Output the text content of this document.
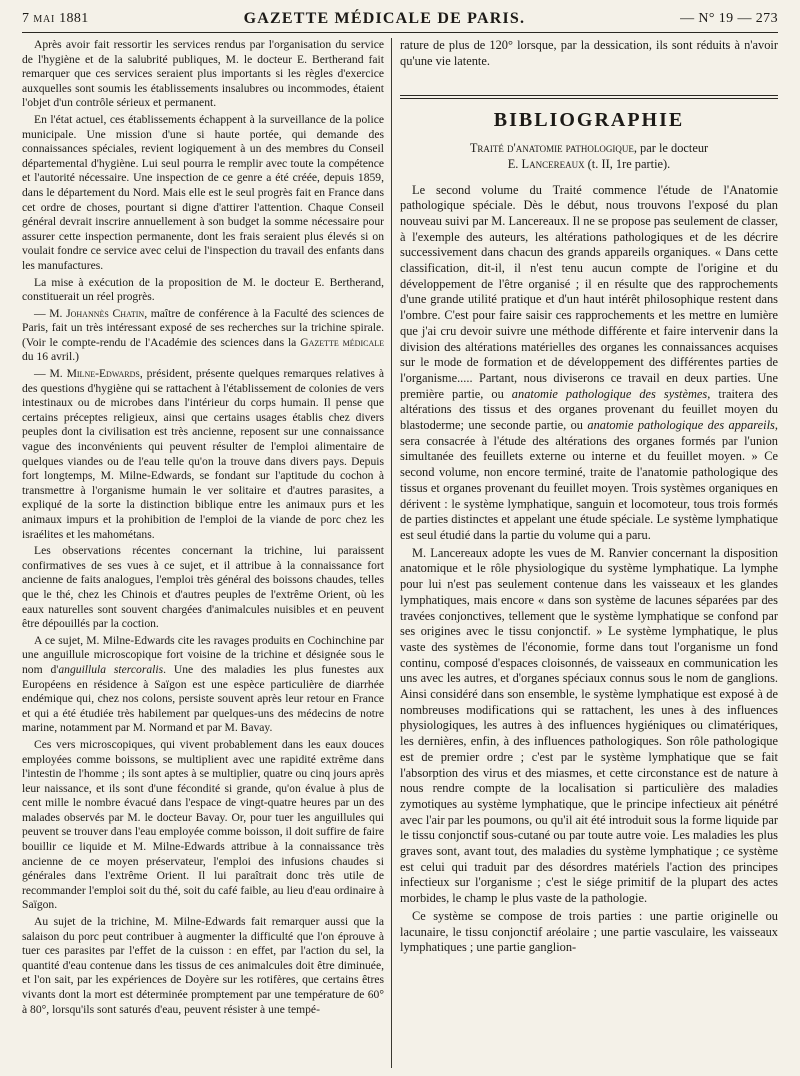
7 MAI 1881	GAZETTE MÉDICALE DE PARIS.	— N° 19 — 273

Après avoir fait ressortir les services rendus par l'organisation du service de l'hygiène et de la salubrité publiques, M. le docteur E. Bertherand fait remarquer que ces services seraient plus importants si les règles d'exercice auxquelles sont soumis les établissements insalubres ou incommodes, étaient l'objet d'un contrôle sérieux et permanent.

En l'état actuel, ces établissements échappent à la surveillance de la police municipale. Une mission d'une si haute portée, qui demande des connaissances spéciales, revient logiquement à un des membres du Conseil départemental d'hygiène. Lui seul pourra le remplir avec toute la compétence et l'autorité nécessaire. Une inspection de ce genre a été créée, depuis 1859, dans le département du Nord. Mais elle est le seul progrès fait en France dans cet ordre de choses, pourtant si digne d'attirer l'attention. Chaque Conseil général devrait inscrire annuellement à son budget la somme nécessaire pour assurer cette inspection permanente, dont les frais seraient plus élevés si on voulait fondre ce service avec celui de l'inspection du travail des enfants dans les manufactures.

La mise à exécution de la proposition de M. le docteur E. Bertherand, constituerait un réel progrès.

— M. Johannès Chatin, maître de conférence à la Faculté des sciences de Paris, fait un très intéressant exposé de ses recherches sur la trichine spirale. (Voir le compte-rendu de l'Académie des sciences dans la Gazette médicale du 16 avril.)

— M. Milne-Edwards, président, présente quelques remarques relatives à des questions d'hygiène qui se rattachent à l'établissement de colonies de vers intestinaux ou de microbes dans l'intérieur du corps humain. Il pense que certains préceptes religieux, ainsi que certains usages établis chez divers peuples dont la civilisation est très ancienne, reposent sur une connaissance vague des inconvénients qui peuvent résulter de l'emploi alimentaire de quelques viandes ou de l'eau telle qu'on la trouve dans divers pays. Depuis fort longtemps, M. Milne-Edwards, se fondant sur l'aptitude du cochon à transmettre à l'organisme humain le ver solitaire et d'autres parasites, a expliqué de la sorte la distinction biblique entre les animaux purs et les animaux impurs et la prohibition de l'emploi de la viande de porc chez les israélites et les mahométans.

Les observations récentes concernant la trichine, lui paraissent confirmatives de ses vues à ce sujet, et il attribue à la connaissance fort ancienne de faits analogues, l'emploi très général des boissons chaudes, telles que le thé, chez les Chinois et d'autres peuples de l'extrême Orient, où les eaux naturelles sont souvent chargées d'animalcules nuisibles et en peuvent être dépouillés par la coction.

A ce sujet, M. Milne-Edwards cite les ravages produits en Cochinchine par une anguillule microscopique fort voisine de la trichine et désignée sous le nom d'anguillula stercoralis. Une des maladies les plus funestes aux Européens en résidence à Saïgon est une espèce particulière de diarrhée endémique qui, chez nos colons, persiste souvent après leur retour en France et qui a été étudiée très habilement par quelques-uns des médecins de notre marine, notamment par M. Normand et par M. Bavay.

Ces vers microscopiques, qui vivent probablement dans les eaux douces employées comme boissons, se multiplient avec une rapidité extrême dans l'intestin de l'homme ; ils sont aptes à se multiplier, quatre ou cinq jours après leur naissance, et ils sont d'une fécondité si grande, qu'on évalue à plus de cent mille le nombre évacué dans l'espace de vingt-quatre heures par un des malades observés par M. le docteur Bavay. Or, pour tuer les anguillules qui peuvent se trouver dans l'eau employée comme boisson, il doit suffire de faire bouillir ce liquide et M. Milne-Edwards attribue à la connaissance très ancienne de ce moyen préservateur, l'emploi des infusions chaudes si générales dans l'extrême Orient. Il lui paraîtrait donc très utile de recommander l'emploi soit du thé, soit du café faible, au lieu d'eau ordinaire à Saïgon.

Au sujet de la trichine, M. Milne-Edwards fait remarquer aussi que la salaison du porc peut contribuer à augmenter la difficulté que l'on éprouve à tuer ces parasites par l'effet de la cuisson : en effet, par l'action du sel, la quantité d'eau contenue dans les tissus de ces animalcules doit être diminuée, et l'on sait, par les expériences de Doyère sur les rotifères, que certains êtres vivants dont la mort est déterminée promptement par une température de 60° à 80°, lorsqu'ils sont saturés d'eau, peuvent résister à une tempé-

rature de plus de 120° lorsque, par la dessication, ils sont réduits à n'avoir qu'une vie latente.

BIBLIOGRAPHIE

Traité d'anatomie pathologique, par le docteur
E. Lancereaux (t. II, 1re partie).

Le second volume du Traité commence l'étude de l'Anatomie pathologique spéciale. Dès le début, nous trouvons l'exposé du plan nouveau suivi par M. Lancereaux. Il ne se propose pas seulement de classer, à l'exemple des auteurs, les altérations pathologiques et de les décrire successivement dans chacun des grands appareils organiques. « Dans cette classification, dit-il, il n'est tenu aucun compte de l'origine et du développement de l'être organisé ; il en résulte que des rapprochements d'une grande utilité pratique et d'un haut intérêt philosophique restent dans l'ombre. C'est pour faire saisir ces rapprochements et les mettre en lumière que j'ai cru devoir suivre une méthode différente et faire intervenir dans la division des altérations matérielles des organes les connaissances acquises sur le mode de formation et de développement des différentes parties de l'organisme..... Partant, nous diviserons ce travail en deux parties. Une première partie, ou anatomie pathologique des systèmes, traitera des altérations des tissus et des organes provenant du feuillet moyen du blastoderme; une seconde partie, ou anatomie pathologique des appareils, sera consacrée à l'étude des altérations des organes formés par l'union simultanée des feuillets externe ou interne et du feuillet moyen. » Ce second volume, non encore terminé, traite de l'anatomie pathologique des tissus et organes provenant du feuillet moyen. Trois systèmes organiques en dérivent : le système lymphatique, sanguin et locomoteur, tous trois formés de parties distinctes et appelant une étude spéciale. Le système lymphatique est seul étudié dans la partie du volume qui a paru.

M. Lancereaux adopte les vues de M. Ranvier concernant la disposition anatomique et le rôle physiologique du système lymphatique. La lymphe pour lui n'est pas seulement contenue dans les vaisseaux et les glandes lymphatiques, mais encore « dans son système de lacunes séparées par des travées conjonctives, tellement que le système lymphatique se confond par ses origines avec le tissu conjonctif. » Le système lymphatique, le plus vaste des systèmes de l'économie, forme dans tout l'organisme un fond continu, composé d'espaces cloisonnés, de vaisseaux en communication les uns avec les autres, et d'organes spéciaux connus sous le nom de ganglions. Ainsi considéré dans son ensemble, le système lymphatique est exposé à de nombreuses modifications qui se rattachent, les unes à des influences physiologiques, les autres à des influences hygiéniques ou climatériques, les dernières, enfin, à des influences pathologiques. Son rôle pathologique est de premier ordre ; c'est par le système lymphatique que se fait l'absorption des virus et des miasmes, et cette circonstance est de nature à nous rendre compte de la localisation si particulière des maladies zymotiques au système lymphatique, que le principe infectieux ait pénétré avec l'air par les poumons, ou qu'il ait été introduit sous la forme liquide par le tissu conjonctif sous-cutané ou par toute autre voie. Les maladies les plus graves sont, avant tout, des maladies du système lymphatique ; ce système est celui qui traduit par des désordres matériels l'action des principes infectieux sur l'organisme ; c'est le siége primitif de la plupart des actes morbides, le champ le plus vaste de la pathologie.

Ce système se compose de trois parties : une partie originelle ou lacunaire, le tissu conjonctif aréolaire ; une partie vasculaire, les vaisseaux lymphatiques ; une partie ganglion-
